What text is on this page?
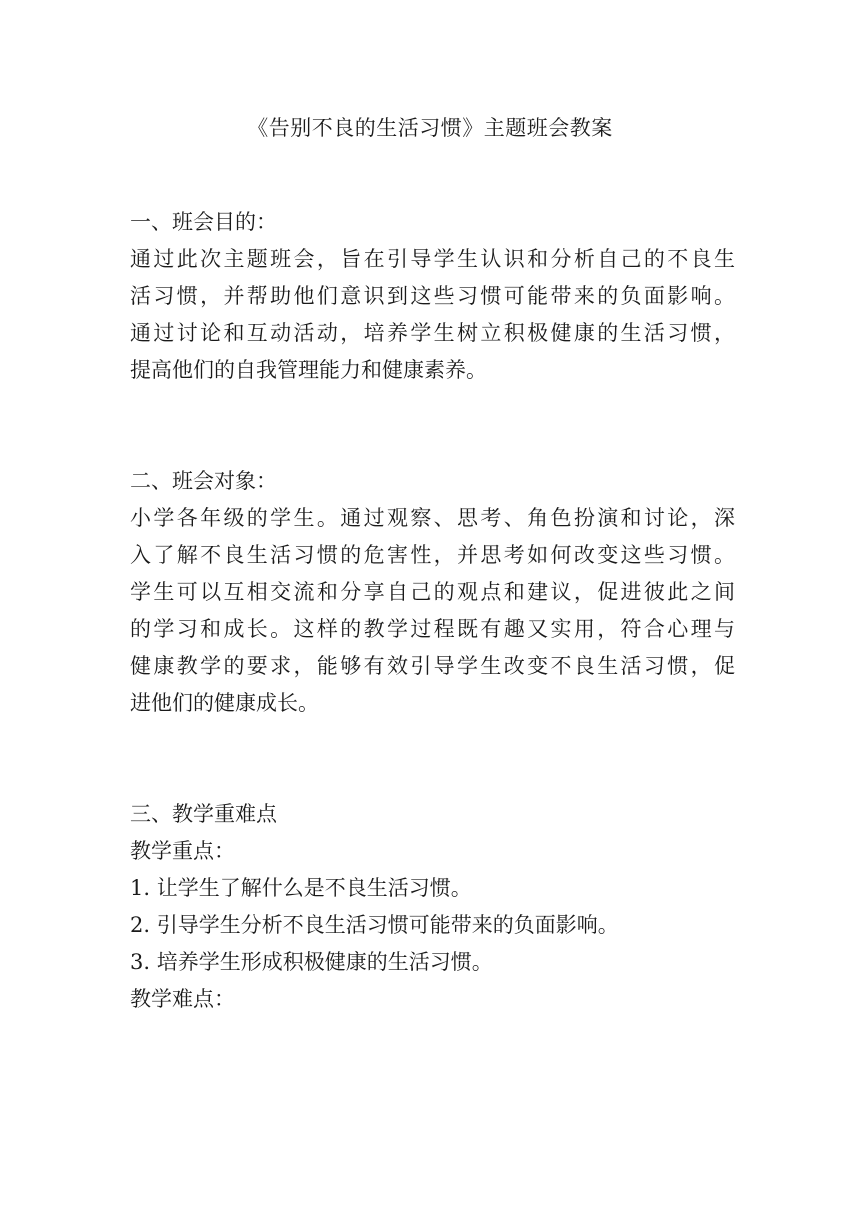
《告别不良的生活习惯》主题班会教案
一、班会目的：
通过此次主题班会，旨在引导学生认识和分析自己的不良生
活习惯，并帮助他们意识到这些习惯可能带来的负面影响。
通过讨论和互动活动，培养学生树立积极健康的生活习惯，
提高他们的自我管理能力和健康素养。
二、班会对象：
小学各年级的学生。通过观察、思考、角色扮演和讨论，深
入了解不良生活习惯的危害性，并思考如何改变这些习惯。
学生可以互相交流和分享自己的观点和建议，促进彼此之间
的学习和成长。这样的教学过程既有趣又实用，符合心理与
健康教学的要求，能够有效引导学生改变不良生活习惯，促
进他们的健康成长。
三、教学重难点
教学重点：
1. 让学生了解什么是不良生活习惯。
2. 引导学生分析不良生活习惯可能带来的负面影响。
3. 培养学生形成积极健康的生活习惯。
教学难点：
